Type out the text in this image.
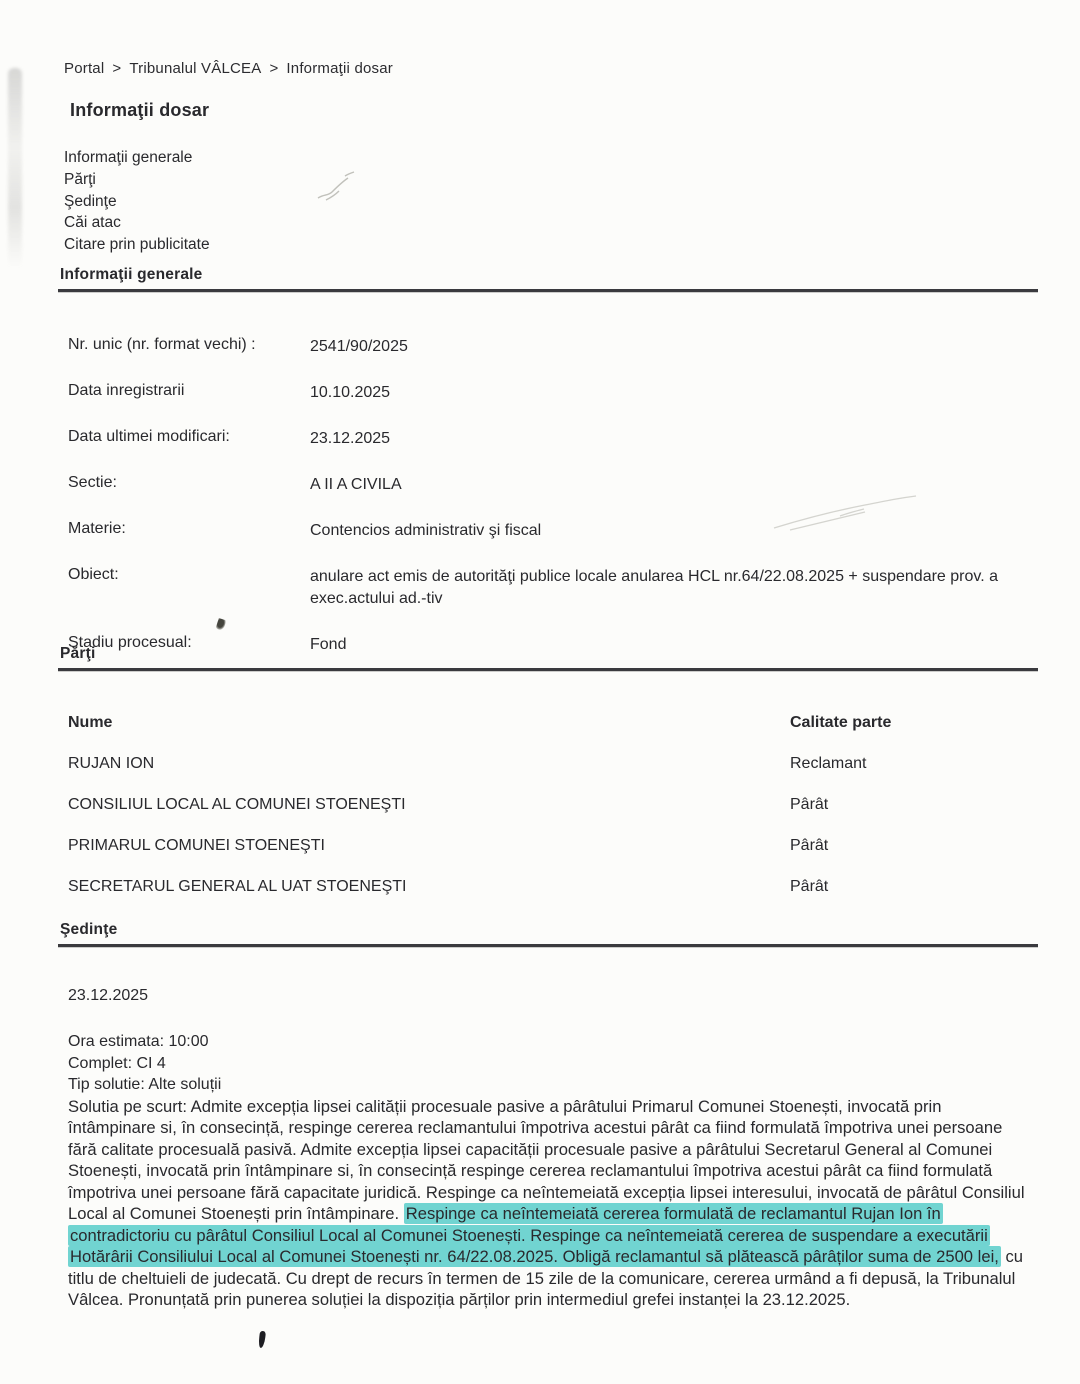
Portal > Tribunalul VÂLCEA > Informaţii dosar
Informaţii dosar
Informaţii generale
Părţi
Şedinţe
Căi atac
Citare prin publicitate
Informaţii generale
Nr. unic (nr. format vechi) :	2541/90/2025
Data inregistrarii	10.10.2025
Data ultimei modificari:	23.12.2025
Sectie:	A II A CIVILA
Materie:	Contencios administrativ şi fiscal
Obiect:	anulare act emis de autorităţi publice locale anularea HCL nr.64/22.08.2025 + suspendare prov. a exec.actului ad.-tiv
Stadiu procesual:	Fond
Părţi
Nume	Calitate parte
RUJAN ION	Reclamant
CONSILIUL LOCAL AL COMUNEI STOENEŞTI	Pârât
PRIMARUL COMUNEI STOENEŞTI	Pârât
SECRETARUL GENERAL AL UAT STOENEŞTI	Pârât
Şedinţe
23.12.2025
Ora estimata: 10:00
Complet: CI 4
Tip solutie: Alte soluții

Solutia pe scurt: Admite excepția lipsei calității procesuale pasive a pârâtului Primarul Comunei Stoenești, invocată prin întâmpinare si, în consecință, respinge cererea reclamantului împotriva acestui pârât ca fiind formulată împotriva unei persoane fără calitate procesuală pasivă. Admite excepția lipsei capacității procesuale pasive a pârâtului Secretarul General al Comunei Stoenești, invocată prin întâmpinare si, în consecință respinge cererea reclamantului împotriva acestui pârât ca fiind formulată împotriva unei persoane fără capacitate juridică. Respinge ca neîntemeiată excepția lipsei interesului, invocată de pârâtul Consiliul Local al Comunei Stoenești prin întâmpinare. Respinge ca neîntemeiată cererea formulată de reclamantul Rujan Ion în contradictoriu cu pârâtul Consiliul Local al Comunei Stoenești. Respinge ca neîntemeiată cererea de suspendare a executării Hotărârii Consiliului Local al Comunei Stoenești nr. 64/22.08.2025. Obligă reclamantul să plătească pârâților suma de 2500 lei, cu titlu de cheltuieli de judecată. Cu drept de recurs în termen de 15 zile de la comunicare, cererea urmând a fi depusă, la Tribunalul Vâlcea. Pronunțată prin punerea soluției la dispoziția părților prin intermediul grefei instanței la 23.12.2025.
